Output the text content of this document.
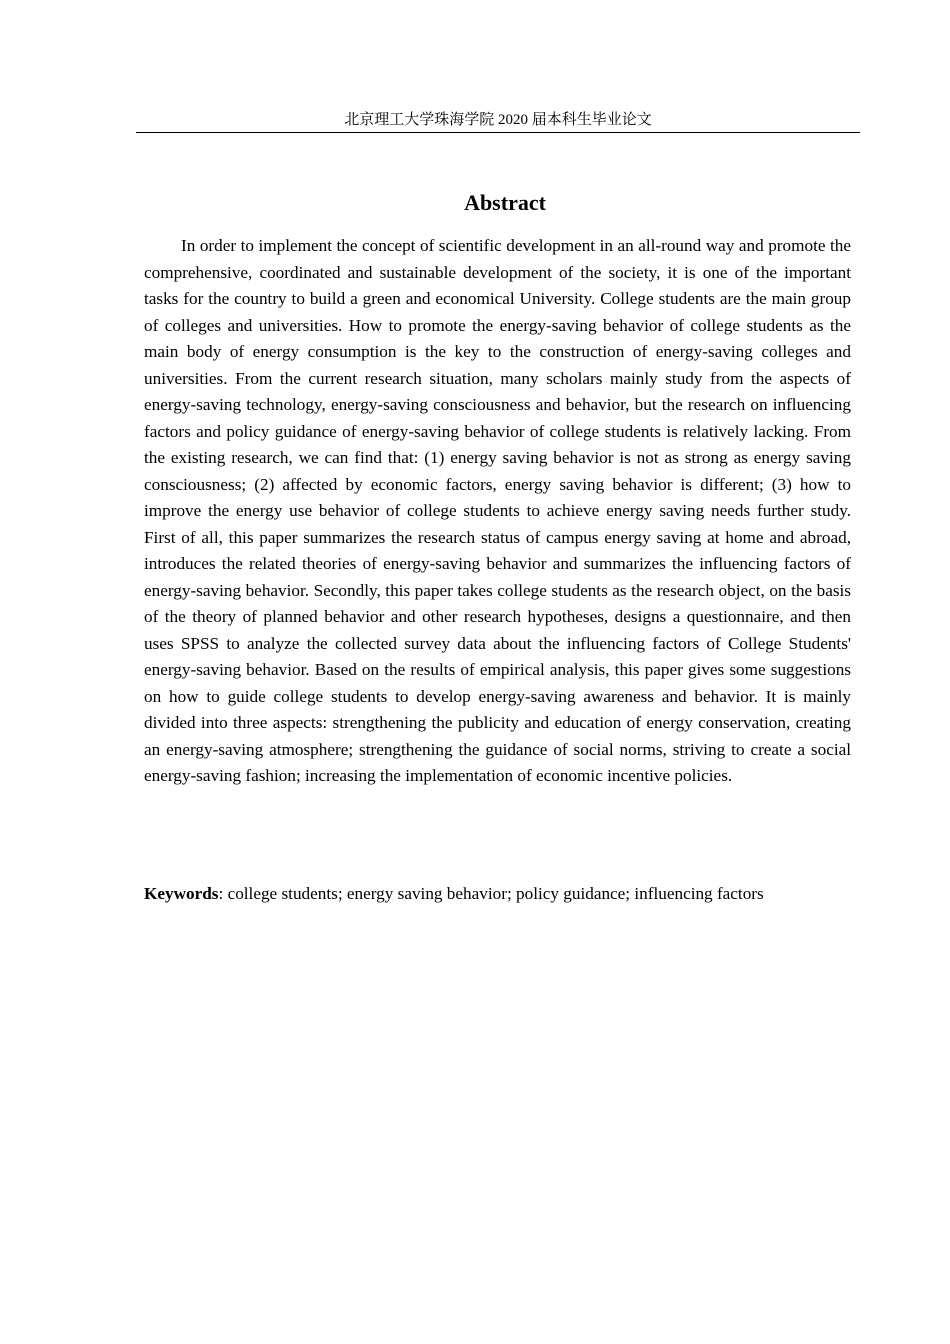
北京理工大学珠海学院 2020 届本科生毕业论文
Abstract

In order to implement the concept of scientific development in an all-round way and promote the comprehensive, coordinated and sustainable development of the society, it is one of the important tasks for the country to build a green and economical University. College students are the main group of colleges and universities. How to promote the energy-saving behavior of college students as the main body of energy consumption is the key to the construction of energy-saving colleges and universities. From the current research situation, many scholars mainly study from the aspects of energy-saving technology, energy-saving consciousness and behavior, but the research on influencing factors and policy guidance of energy-saving behavior of college students is relatively lacking. From the existing research, we can find that: (1) energy saving behavior is not as strong as energy saving consciousness; (2) affected by economic factors, energy saving behavior is different; (3) how to improve the energy use behavior of college students to achieve energy saving needs further study. First of all, this paper summarizes the research status of campus energy saving at home and abroad, introduces the related theories of energy-saving behavior and summarizes the influencing factors of energy-saving behavior. Secondly, this paper takes college students as the research object, on the basis of the theory of planned behavior and other research hypotheses, designs a questionnaire, and then uses SPSS to analyze the collected survey data about the influencing factors of College Students' energy-saving behavior. Based on the results of empirical analysis, this paper gives some suggestions on how to guide college students to develop energy-saving awareness and behavior. It is mainly divided into three aspects: strengthening the publicity and education of energy conservation, creating an energy-saving atmosphere; strengthening the guidance of social norms, striving to create a social energy-saving fashion; increasing the implementation of economic incentive policies.

Keywords: college students; energy saving behavior; policy guidance; influencing factors
